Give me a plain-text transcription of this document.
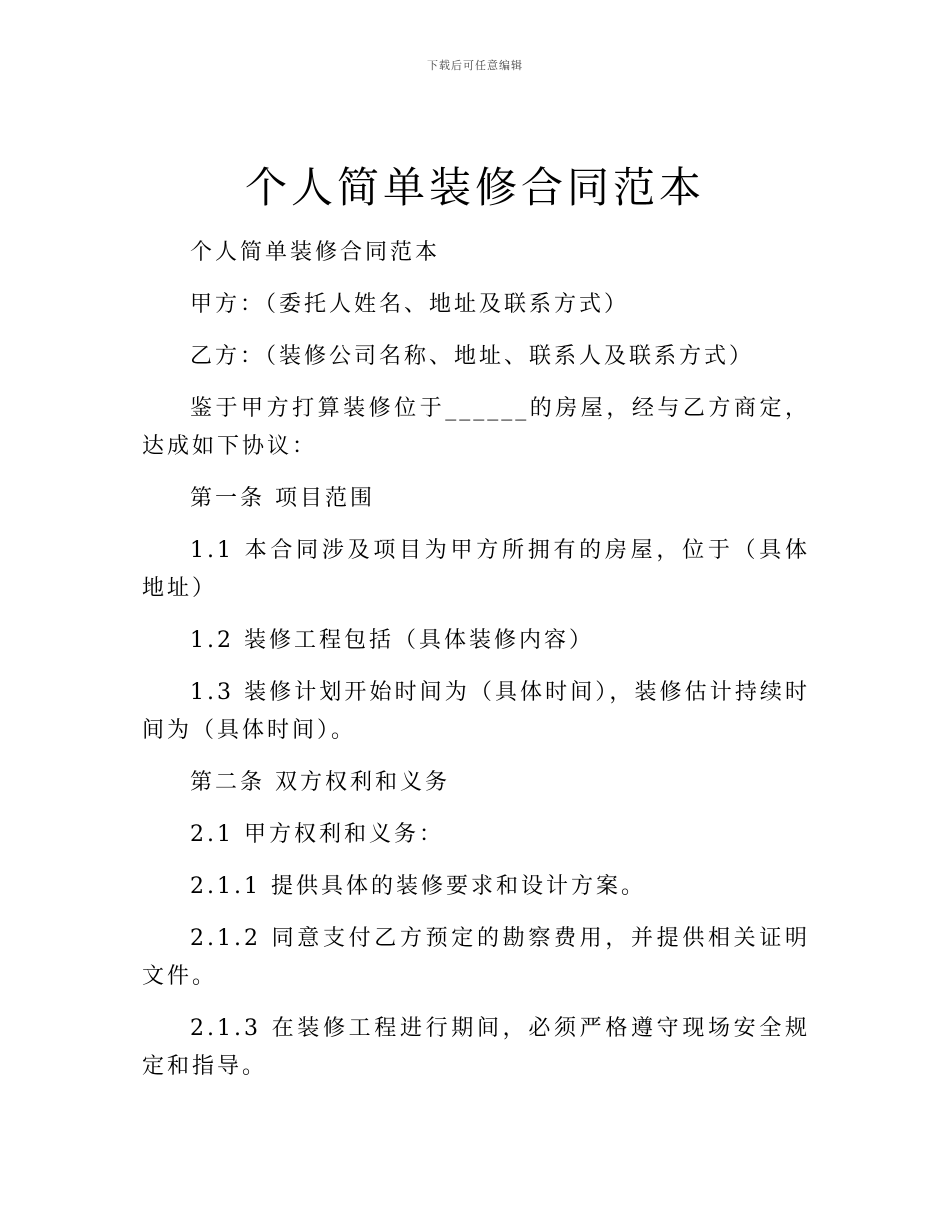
下载后可任意编辑
个人简单装修合同范本

个人简单装修合同范本

甲方：（委托人姓名、地址及联系方式）

乙方：（装修公司名称、地址、联系人及联系方式）

鉴于甲方打算装修位于______的房屋，经与乙方商定，达成如下协议：

第一条 项目范围

1.1 本合同涉及项目为甲方所拥有的房屋，位于（具体地址）

1.2 装修工程包括（具体装修内容）

1.3 装修计划开始时间为（具体时间），装修估计持续时间为（具体时间）。

第二条 双方权利和义务

2.1 甲方权利和义务：

2.1.1 提供具体的装修要求和设计方案。

2.1.2 同意支付乙方预定的勘察费用，并提供相关证明文件。

2.1.3 在装修工程进行期间，必须严格遵守现场安全规定和指导。
